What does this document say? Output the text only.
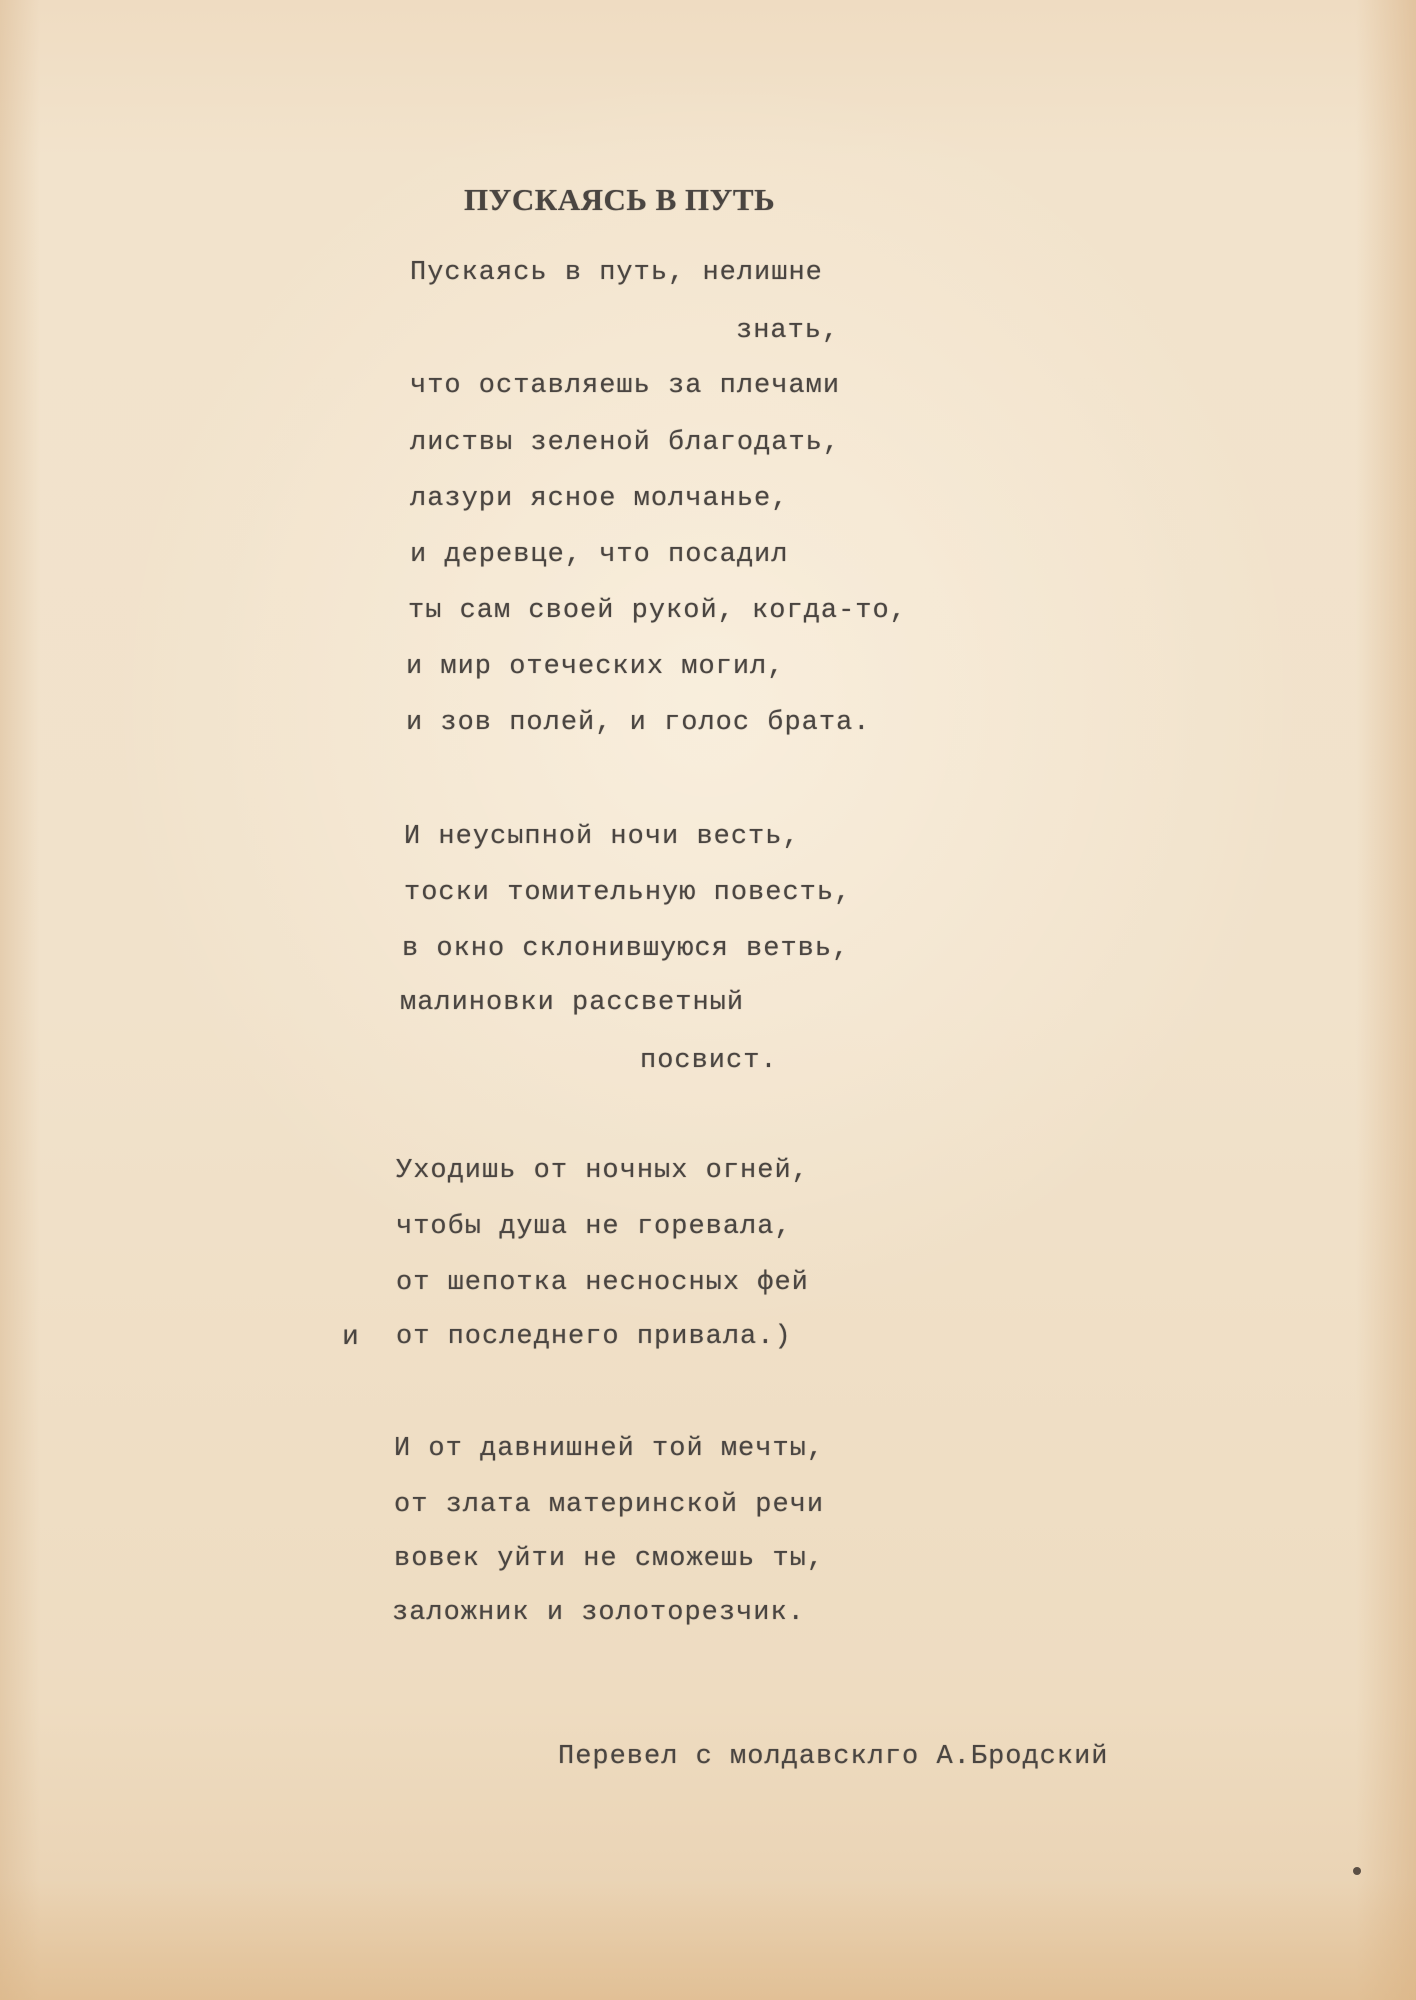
ПУСКАЯСЬ В ПУТЬ

Пускаясь в путь, нелишне

знать,

что оставляешь за плечами

листвы зеленой благодать,

лазури ясное молчанье,

и деревце, что посадил

ты сам своей рукой, когда-то,

и мир отеческих могил,

и зов полей, и голос брата.

И неусыпной ночи весть,

тоски томительную повесть,

в окно склонившуюся ветвь,

малиновки рассветный

посвист.

Уходишь от ночных огней,

чтобы душа не горевала,

от шепотка несносных фей

и от последнего привала.)

И от давнишней той мечты,

от злата материнской речи

вовек уйти не сможешь ты,

заложник и золоторезчик.

Перевел с молдавсклго А.Бродский
